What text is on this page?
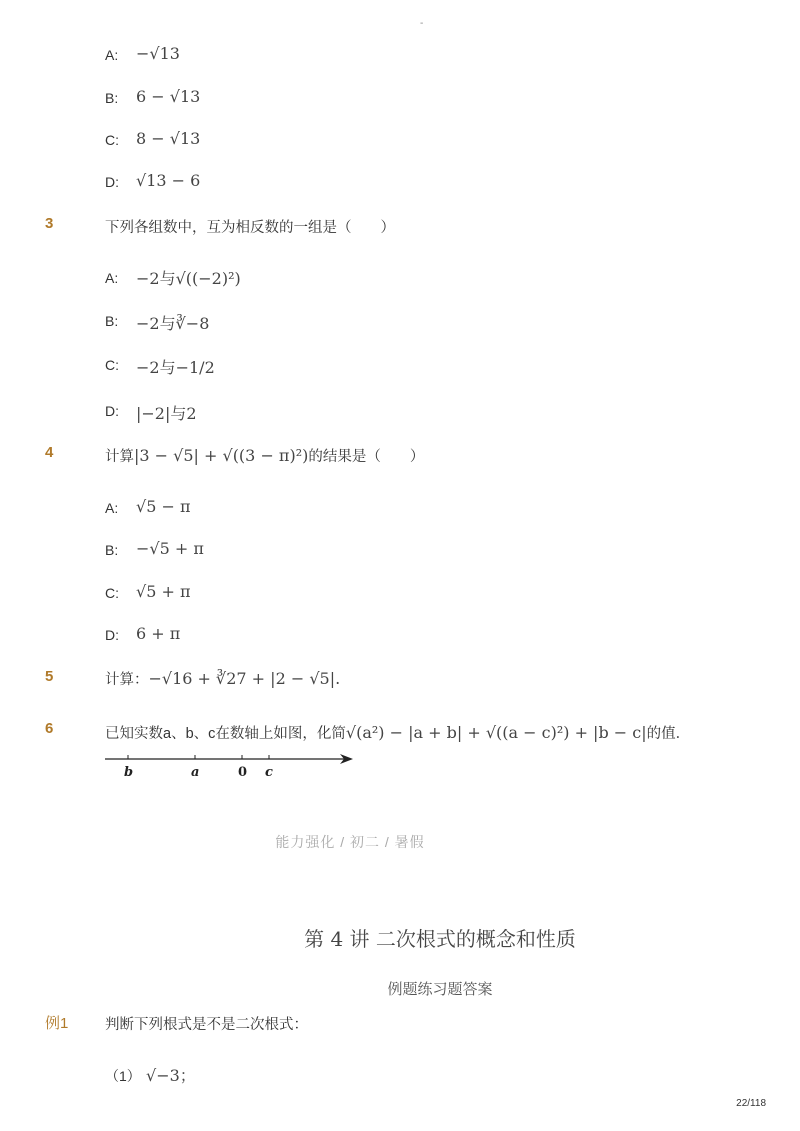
-
A: −√13
B: 6 − √13
C: 8 − √13
D: √13 − 6
3	下列各组数中，互为相反数的一组是（　　）
A: −2与√((−2)²)
B: −2与∛−8
C: −2与−1/2
D: |−2|与2
4	计算|3 − √5| + √((3 − π)²)的结果是（　　）
A: √5 − π
B: −√5 + π
C: √5 + π
D: 6 + π
5	计算：−√16 + ∛27 + |2 − √5|.
6	已知实数a、b、c在数轴上如图，化简√(a²) − |a + b| + √((a − c)²) + |b − c|的值．
b	a	0 c
能力强化 / 初二 / 暑假
第 4 讲 二次根式的概念和性质
例题练习题答案
例1	判断下列根式是不是二次根式：
（1） √−3；
22/118
